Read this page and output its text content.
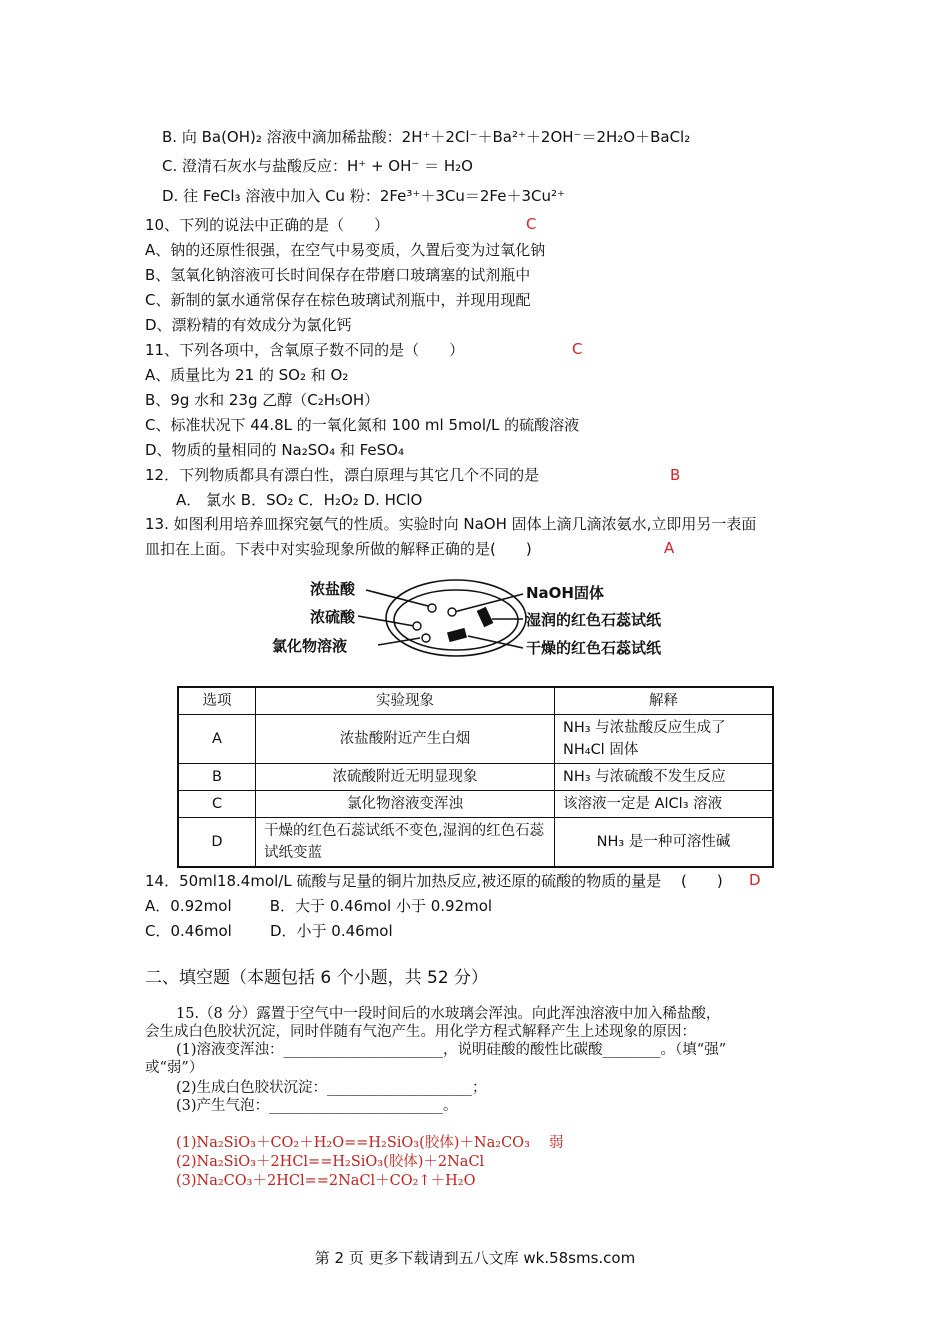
B. 向 Ba(OH)₂ 溶液中滴加稀盐酸：2H⁺＋2Cl⁻＋Ba²⁺＋2OH⁻＝2H₂O＋BaCl₂
C. 澄清石灰水与盐酸反应：H⁺ + OH⁻ ＝ H₂O
D. 往 FeCl₃ 溶液中加入 Cu 粉：2Fe³⁺＋3Cu＝2Fe＋3Cu²⁺
10、下列的说法中正确的是（　　）	C
A、钠的还原性很强，在空气中易变质，久置后变为过氧化钠
B、氢氧化钠溶液可长时间保存在带磨口玻璃塞的试剂瓶中
C、新制的氯水通常保存在棕色玻璃试剂瓶中，并现用现配
D、漂粉精的有效成分为氯化钙
11、下列各项中，含氧原子数不同的是（　　）	C
A、质量比为 21 的 SO₂ 和 O₂
B、9g 水和 23g 乙醇（C₂H₅OH）
C、标准状况下 44.8L 的一氧化氮和 100 ml 5mol/L 的硫酸溶液
D、物质的量相同的 Na₂SO₄ 和 FeSO₄
12．下列物质都具有漂白性，漂白原理与其它几个不同的是	B
A． 氯水 B．SO₂ C．H₂O₂ D. HClO
13. 如图利用培养皿探究氨气的性质。实验时向 NaOH 固体上滴几滴浓氨水,立即用另一表面
皿扣在上面。下表中对实验现象所做的解释正确的是(　　)	A
浓盐酸
浓硫酸
氯化物溶液
NaOH固体
湿润的红色石蕊试纸
干燥的红色石蕊试纸
选项	实验现象	解释
A	浓盐酸附近产生白烟	NH₃ 与浓盐酸反应生成了 NH₄Cl 固体
B	浓硫酸附近无明显现象	NH₃ 与浓硫酸不发生反应
C	氯化物溶液变浑浊	该溶液一定是 AlCl₃ 溶液
D	干燥的红色石蕊试纸不变色,湿润的红色石蕊试纸变蓝	NH₃ 是一种可溶性碱
14．50ml18.4mol/L 硫酸与足量的铜片加热反应,被还原的硫酸的物质的量是　 (　　) D
A．0.92mol        B．大于 0.46mol 小于 0.92mol
C．0.46mol        D．小于 0.46mol
二、填空题（本题包括 6 个小题，共 52 分）
15.（8 分）露置于空气中一段时间后的水玻璃会浑浊。向此浑浊溶液中加入稀盐酸，
会生成白色胶状沉淀，同时伴随有气泡产生。用化学方程式解释产生上述现象的原因：
(1)溶液变浑浊：______________________，说明硅酸的酸性比碳酸________。（填“强”
或“弱”）
(2)生成白色胶状沉淀：____________________；
(3)产生气泡：________________________。
(1)Na₂SiO₃＋CO₂＋H₂O==H₂SiO₃(胶体)＋Na₂CO₃　 弱
(2)Na₂SiO₃＋2HCl==H₂SiO₃(胶体)＋2NaCl
(3)Na₂CO₃＋2HCl==2NaCl＋CO₂↑＋H₂O
第 2 页 更多下载请到五八文库 wk.58sms.com
